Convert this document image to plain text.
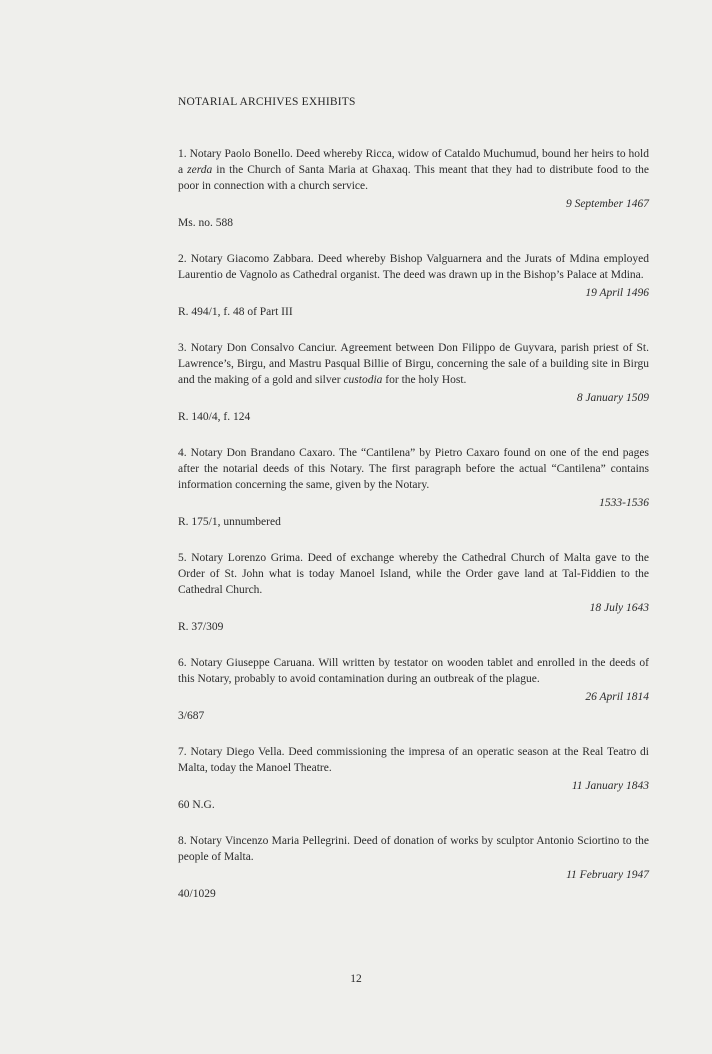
NOTARIAL ARCHIVES EXHIBITS

1. Notary Paolo Bonello. Deed whereby Ricca, widow of Cataldo Muchumud, bound her heirs to hold a zerda in the Church of Santa Maria at Ghaxaq. This meant that they had to distribute food to the poor in connection with a church service.

9 September 1467
Ms. no. 588

2. Notary Giacomo Zabbara. Deed whereby Bishop Valguarnera and the Jurats of Mdina employed Laurentio de Vagnolo as Cathedral organist. The deed was drawn up in the Bishop’s Palace at Mdina.

19 April 1496
R. 494/1, f. 48 of Part III

3. Notary Don Consalvo Canciur. Agreement between Don Filippo de Guyvara, parish priest of St. Lawrence’s, Birgu, and Mastru Pasqual Billie of Birgu, concerning the sale of a building site in Birgu and the making of a gold and silver custodia for the holy Host.

8 January 1509
R. 140/4, f. 124

4. Notary Don Brandano Caxaro. The “Cantilena” by Pietro Caxaro found on one of the end pages after the notarial deeds of this Notary. The first paragraph before the actual “Cantilena” contains information concerning the same, given by the Notary.

1533-1536
R. 175/1, unnumbered

5. Notary Lorenzo Grima. Deed of exchange whereby the Cathedral Church of Malta gave to the Order of St. John what is today Manoel Island, while the Order gave land at Tal-Fiddien to the Cathedral Church.

18 July 1643
R. 37/309

6. Notary Giuseppe Caruana. Will written by testator on wooden tablet and enrolled in the deeds of this Notary, probably to avoid contamination during an outbreak of the plague.

26 April 1814
3/687

7. Notary Diego Vella. Deed commissioning the impresa of an operatic season at the Real Teatro di Malta, today the Manoel Theatre.

11 January 1843
60 N.G.

8. Notary Vincenzo Maria Pellegrini. Deed of donation of works by sculptor Antonio Sciortino to the people of Malta.

11 February 1947
40/1029
12
